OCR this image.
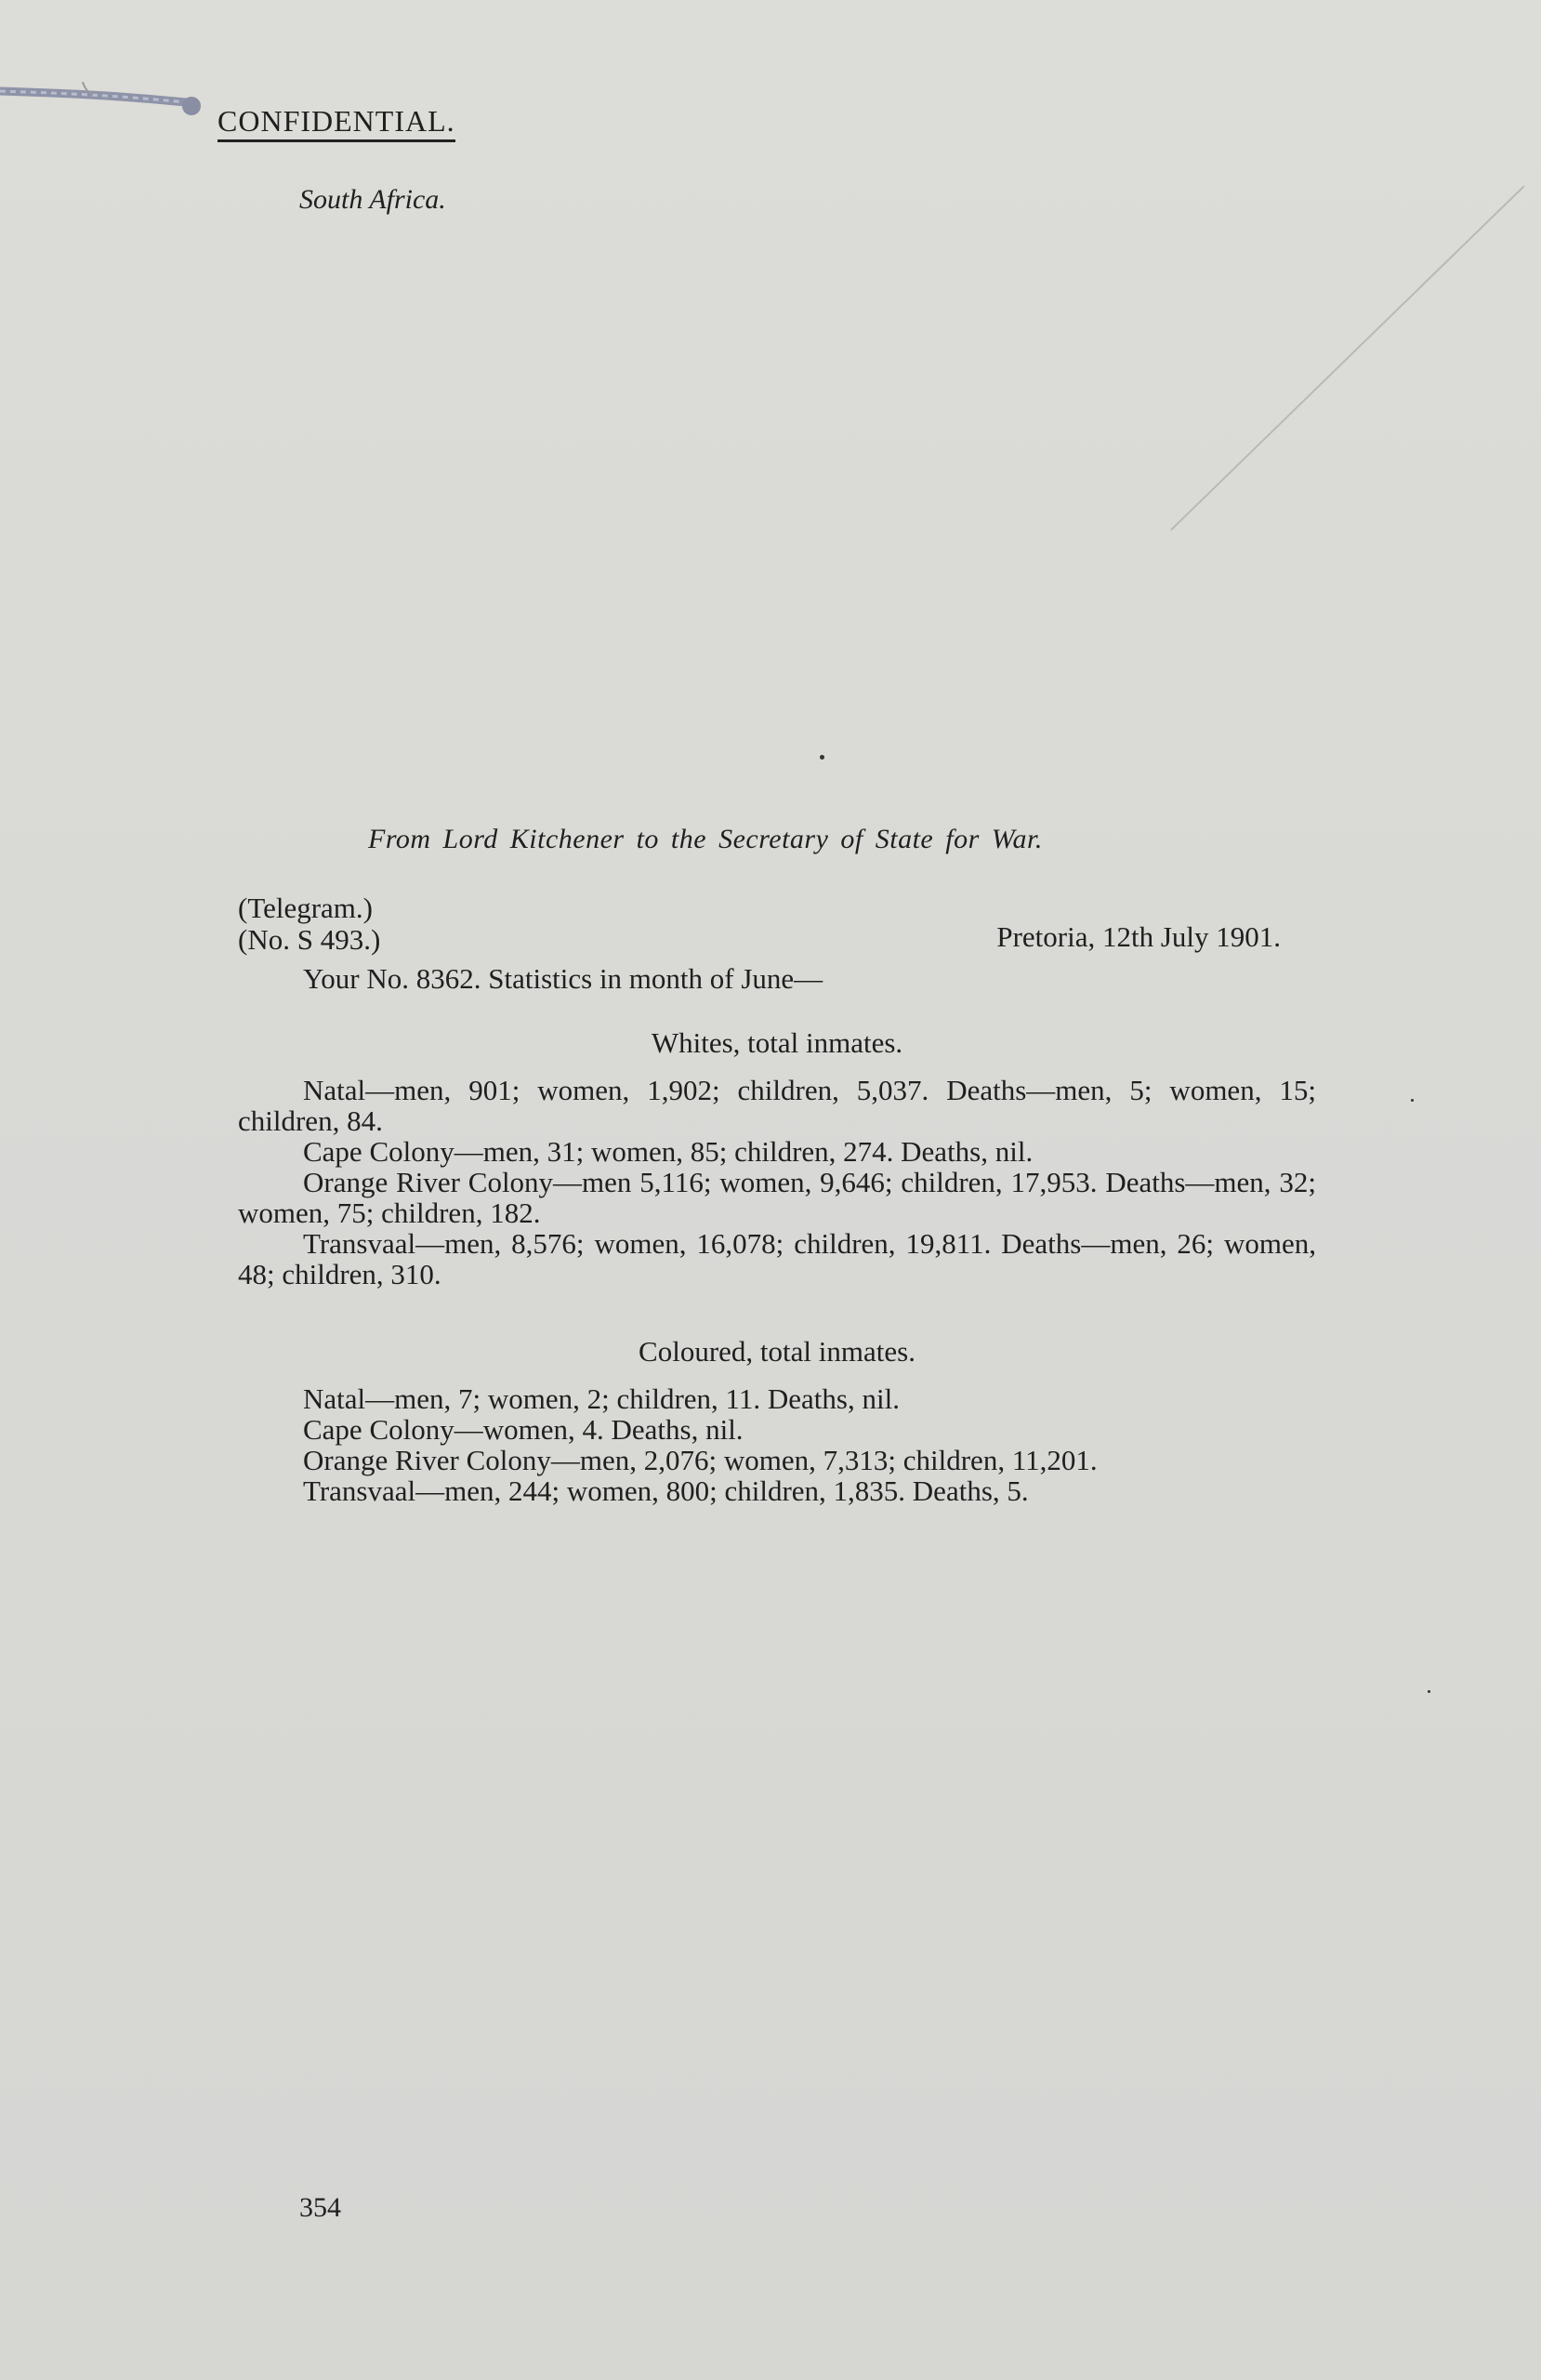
CONFIDENTIAL.
South Africa.
From Lord Kitchener to the Secretary of State for War.
(Telegram.)
(No. S 493.)	Pretoria, 12th July 1901.

Your No. 8362. Statistics in month of June—

Whites, total inmates.

Natal—men, 901; women, 1,902; children, 5,037. Deaths—men, 5; women, 15; children, 84.

Cape Colony—men, 31; women, 85; children, 274. Deaths, nil.

Orange River Colony—men 5,116; women, 9,646; children, 17,953. Deaths—men, 32; women, 75; children, 182.

Transvaal—men, 8,576; women, 16,078; children, 19,811. Deaths—men, 26; women, 48; children, 310.

Coloured, total inmates.

Natal—men, 7; women, 2; children, 11. Deaths, nil.

Cape Colony—women, 4. Deaths, nil.

Orange River Colony—men, 2,076; women, 7,313; children, 11,201.

Transvaal—men, 244; women, 800; children, 1,835. Deaths, 5.

354
